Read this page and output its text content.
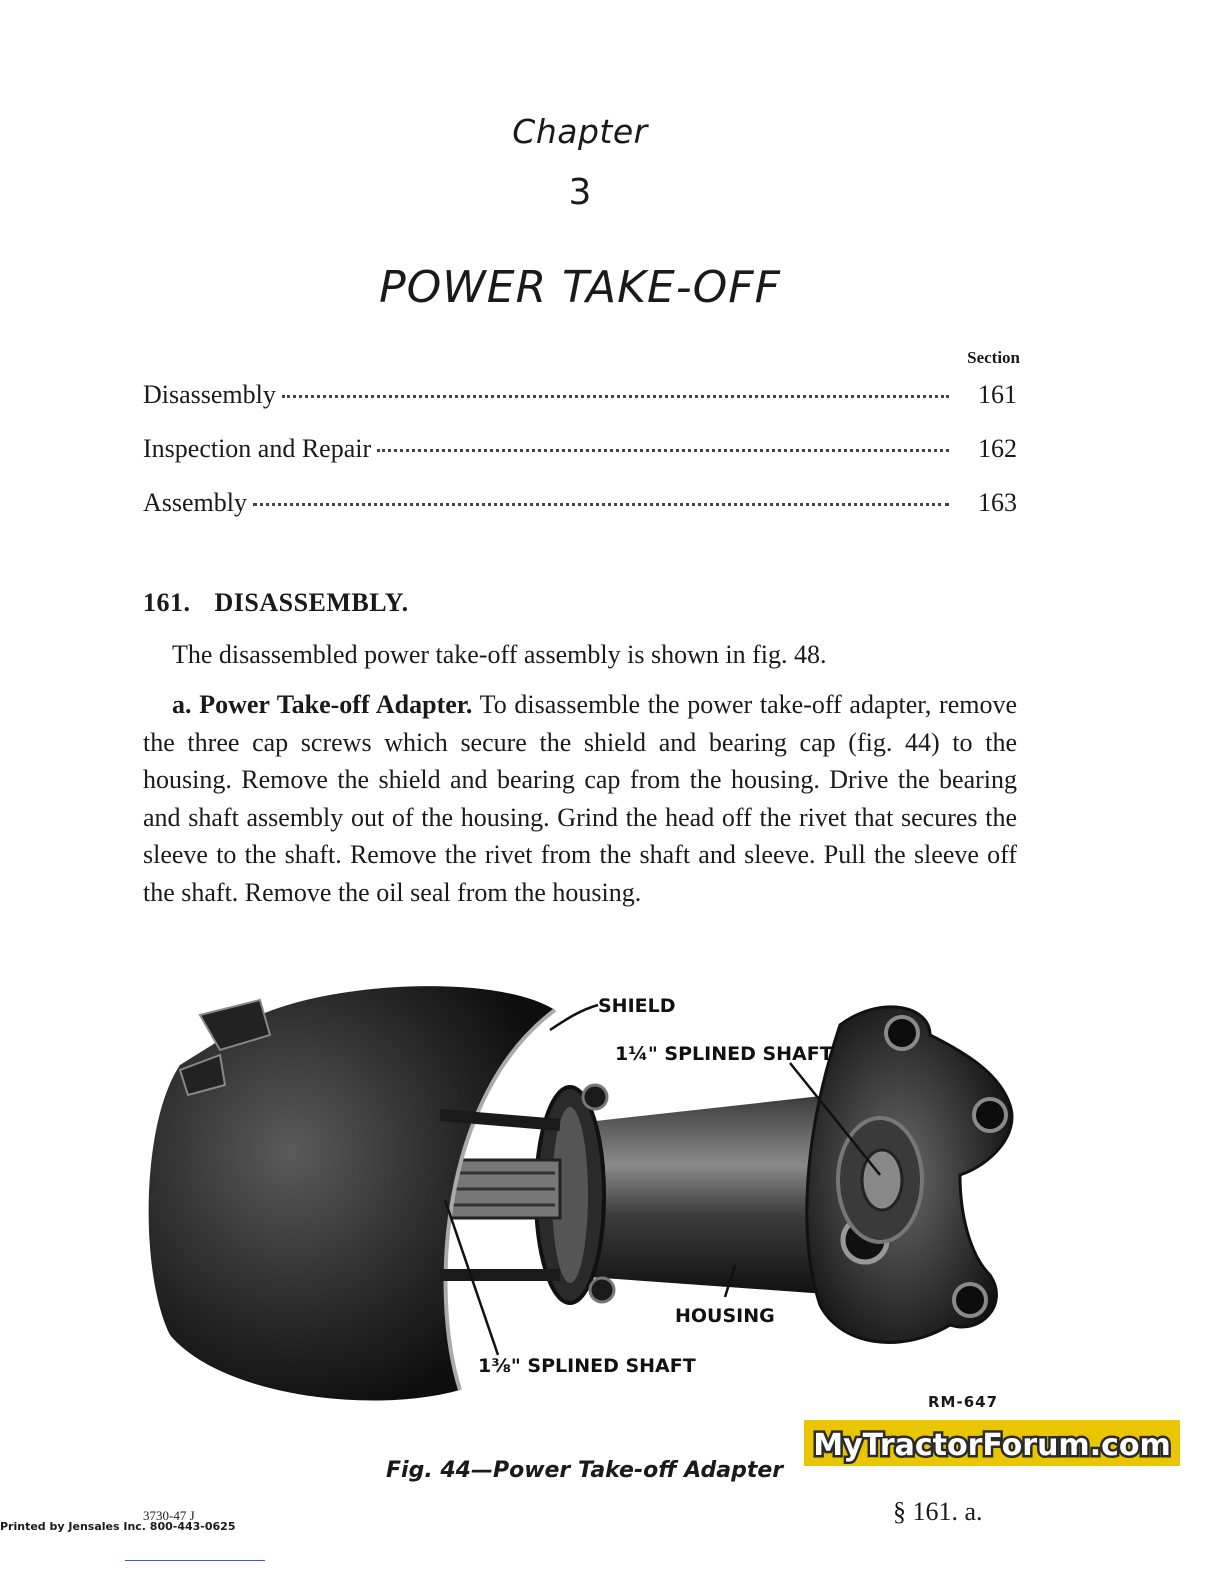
Chapter
3
POWER TAKE-OFF
Section
Disassembly	161
Inspection and Repair	162
Assembly	163
161. DISASSEMBLY.
The disassembled power take-off assembly is shown in fig. 48.
a. Power Take-off Adapter. To disassemble the power take-off adapter, remove the three cap screws which secure the shield and bearing cap (fig. 44) to the housing. Remove the shield and bearing cap from the housing. Drive the bearing and shaft assembly out of the housing. Grind the head off the rivet that secures the sleeve to the shaft. Remove the rivet from the shaft and sleeve. Pull the sleeve off the shaft. Remove the oil seal from the housing.
SHIELD
1¼" SPLINED SHAFT
HOUSING
1⅜" SPLINED SHAFT
RM-647
MyTractorForum.com
Fig. 44—Power Take-off Adapter
§ 161. a.
Printed by Jensales Inc. 800-443-0625
3730-47 J
